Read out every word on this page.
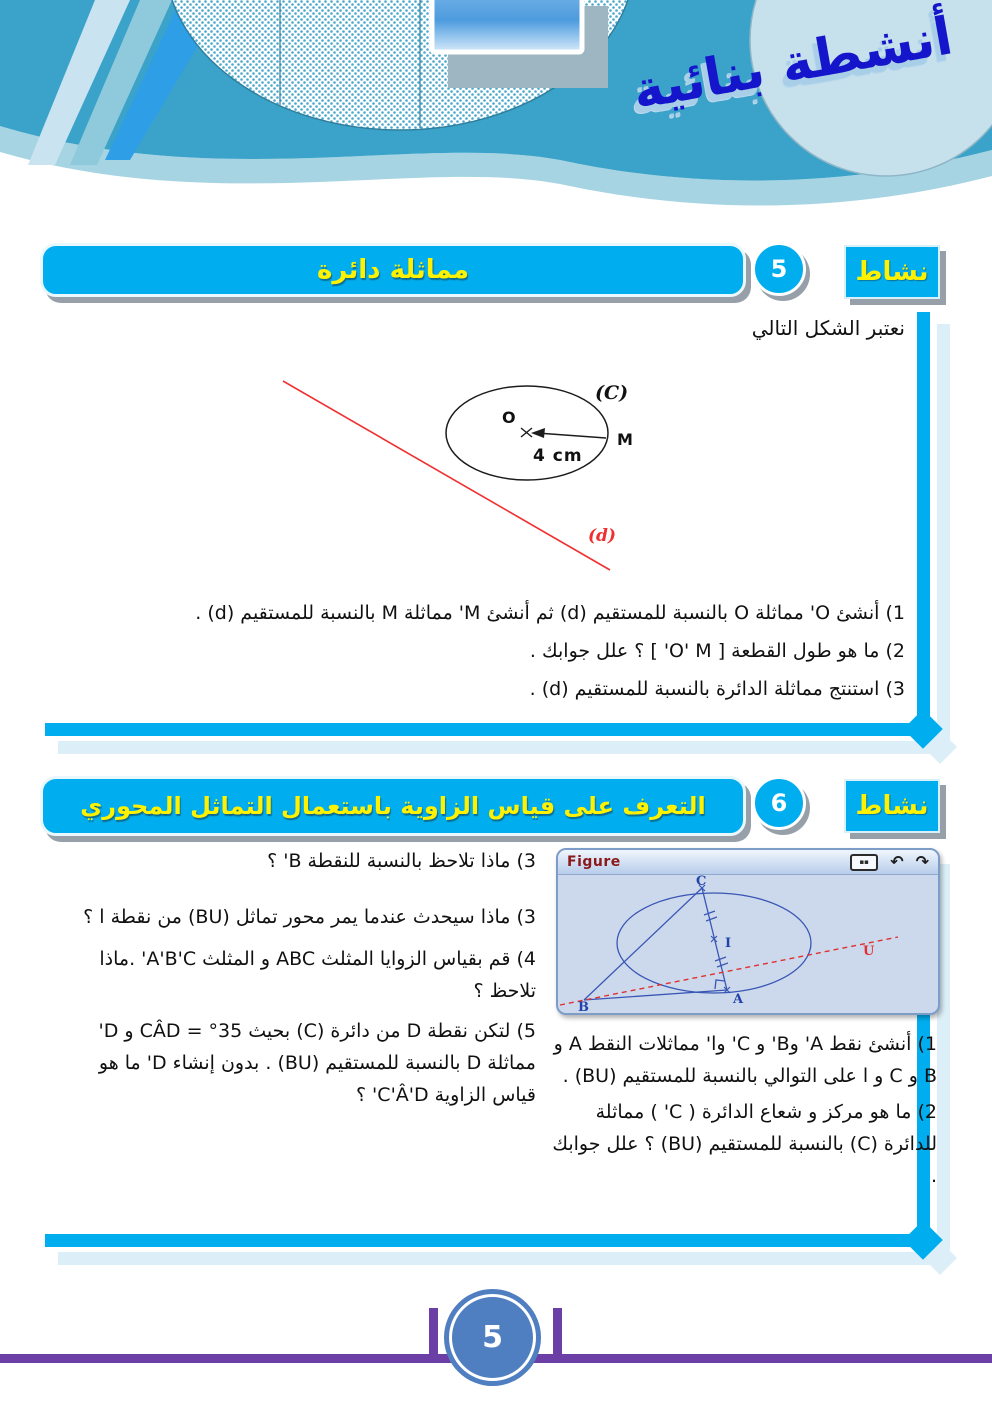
أنشطة بنائية
نشاط
5
مماثلة دائرة
نعتبر الشكل التالي
O
M
4 cm
(C)
(d)
1) أنشئ O' مماثلة O بالنسبة للمستقيم (d) ثم أنشئ M' مماثلة M بالنسبة للمستقيم (d) .
2) ما هو طول القطعة [ O' M' ] ؟ علل جوابك .
3) استنتج مماثلة الدائرة بالنسبة للمستقيم (d) .
نشاط
6
التعرف على قياس الزاوية باستعمال التماثل المحوري
3) ماذا تلاحظ بالنسبة للنقطة B' ؟
3) ماذا سيحدث عندما يمر محور تماثل (BU) من نقطة ا ؟
4) قم بقياس الزوايا المثلث ABC و المثلث A'B'C' .ماذا تلاحظ ؟
5) لتكن نقطة D من دائرة (C) بحيث 35° = CÂD و D' مماثلة D بالنسبة للمستقيم (BU) . بدون إنشاء D' ما هو قياس الزاوية C'Â'D' ؟
Figure	▪▪	↶ ↷
C
B
A
I
U
1) أنشئ نقط A' وB' و C' وا' مماثلات النقط A و B و C و ا على التوالي بالنسبة للمستقيم (BU) .
2) ما هو مركز و شعاع الدائرة ( C' ) مماثلة للدائرة (C) بالنسبة للمستقيم (BU) ؟ علل جوابك .
5
